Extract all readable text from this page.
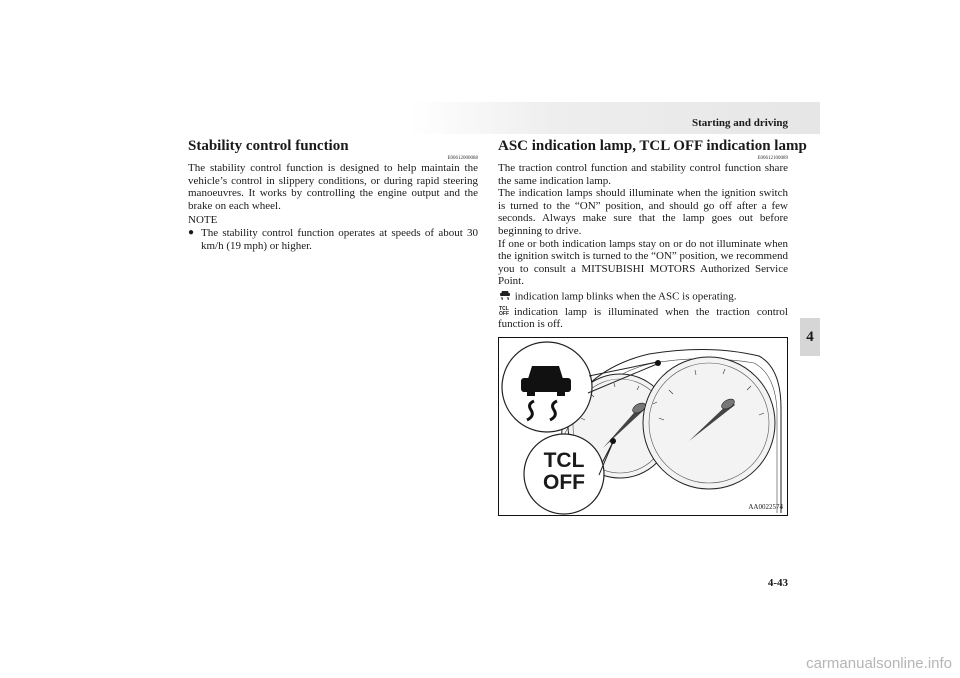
Starting and driving
4
Stability control function
E00612000088

The stability control function is designed to help maintain the vehicle’s control in slippery conditions, or during rapid steering manoeuvres. It works by controlling the engine output and the brake on each wheel.

NOTE
● The stability control function operates at speeds of about 30 km/h (19 mph) or higher.
ASC indication lamp, TCL OFF indication lamp
E00612100089

The traction control function and stability control function share the same indication lamp.

The indication lamps should illuminate when the ignition switch is turned to the “ON” position, and should go off after a few seconds. Always make sure that the lamp goes out before beginning to drive.

If one or both indication lamps stay on or do not illuminate when the ignition switch is turned to the “ON” position, we recommend you to consult a MITSUBISHI MOTORS Authorized Service Point.

indication lamp blinks when the ASC is operating.

TCL
OFF indication lamp is illuminated when the traction control function is off.

TCL
OFF
AA0022574
4-43
carmanualsonline.info
